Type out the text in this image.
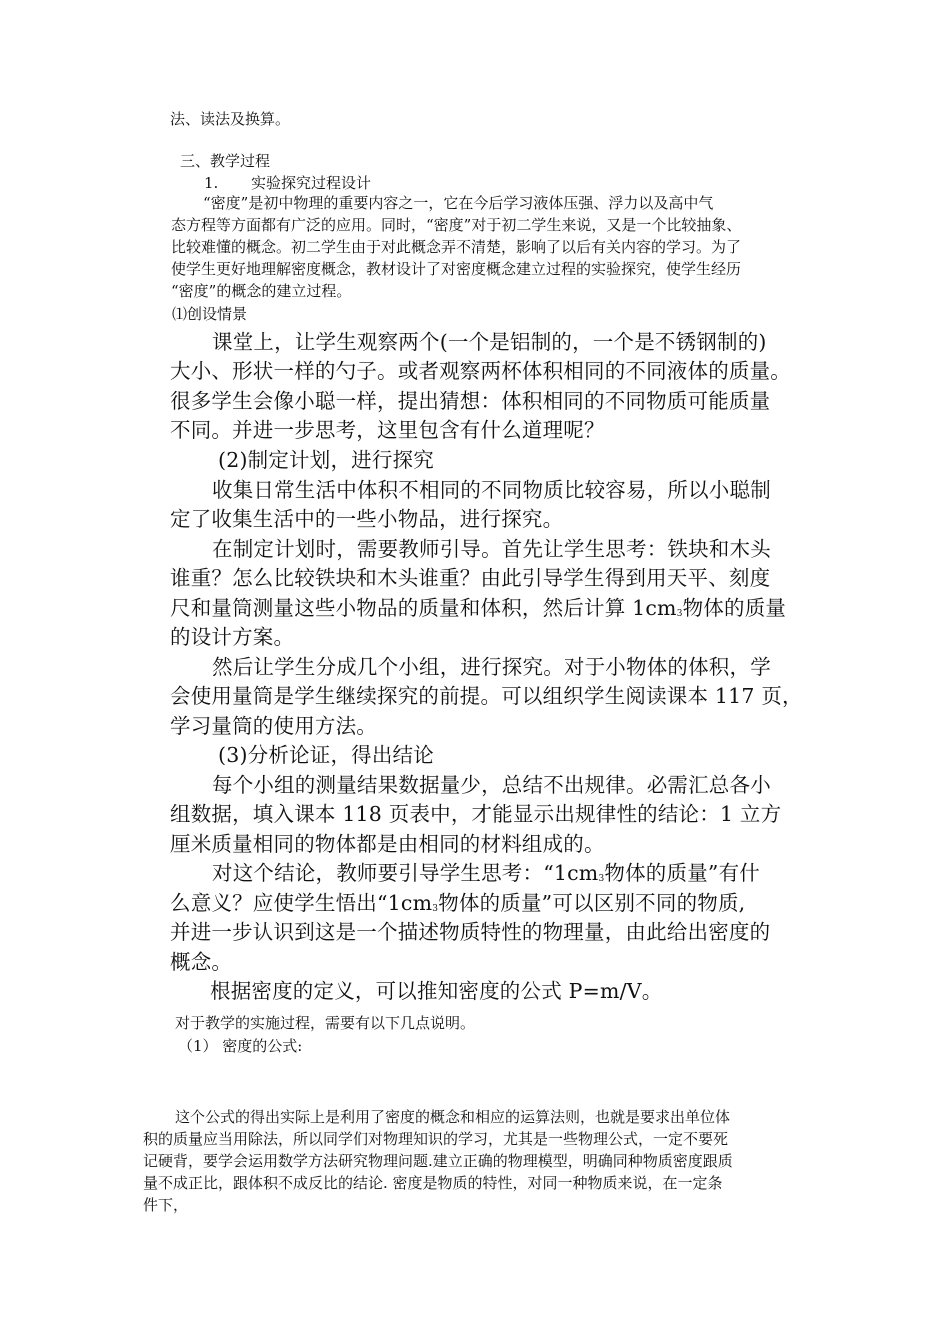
法、读法及换算。

三、教学过程

1. 实验探究过程设计

“密度”是初中物理的重要内容之一，它在今后学习液体压强、浮力以及高中气

态方程等方面都有广泛的应用。同时，“密度”对于初二学生来说，又是一个比较抽象、

比较难懂的概念。初二学生由于对此概念弄不清楚，影响了以后有关内容的学习。为了

使学生更好地理解密度概念，教材设计了对密度概念建立过程的实验探究，使学生经历

“密度”的概念的建立过程。

⑴创设情景

课堂上，让学生观察两个(一个是铝制的，一个是不锈钢制的)

大小、形状一样的勺子。或者观察两杯体积相同的不同液体的质量。

很多学生会像小聪一样，提出猜想：体积相同的不同物质可能质量

不同。并进一步思考，这里包含有什么道理呢？

(2)制定计划，进行探究

收集日常生活中体积不相同的不同物质比较容易，所以小聪制

定了收集生活中的一些小物品，进行探究。

在制定计划时，需要教师引导。首先让学生思考：铁块和木头

谁重？怎么比较铁块和木头谁重？由此引导学生得到用天平、刻度

尺和量筒测量这些小物品的质量和体积，然后计算 1cm3物体的质量

的设计方案。

然后让学生分成几个小组，进行探究。对于小物体的体积，学

会使用量筒是学生继续探究的前提。可以组织学生阅读课本 117 页，

学习量筒的使用方法。

(3)分析论证，得出结论

每个小组的测量结果数据量少，总结不出规律。必需汇总各小

组数据，填入课本 118 页表中，才能显示出规律性的结论：1 立方

厘米质量相同的物体都是由相同的材料组成的。

对这个结论，教师要引导学生思考：“1cm3物体的质量”有什

么意义？应使学生悟出“1cm3物体的质量”可以区别不同的物质,

并进一步认识到这是一个描述物质特性的物理量，由此给出密度的

概念。

根据密度的定义，可以推知密度的公式 P=m/V。

对于教学的实施过程，需要有以下几点说明。

（1） 密度的公式:

这个公式的得出实际上是利用了密度的概念和相应的运算法则，也就是要求出单位体

积的质量应当用除法，所以同学们对物理知识的学习，尤其是一些物理公式，一定不要死

记硬背，要学会运用数学方法研究物理问题.建立正确的物理模型，明确同种物质密度跟质

量不成正比，跟体积不成反比的结论. 密度是物质的特性，对同一种物质来说，在一定条

件下，
